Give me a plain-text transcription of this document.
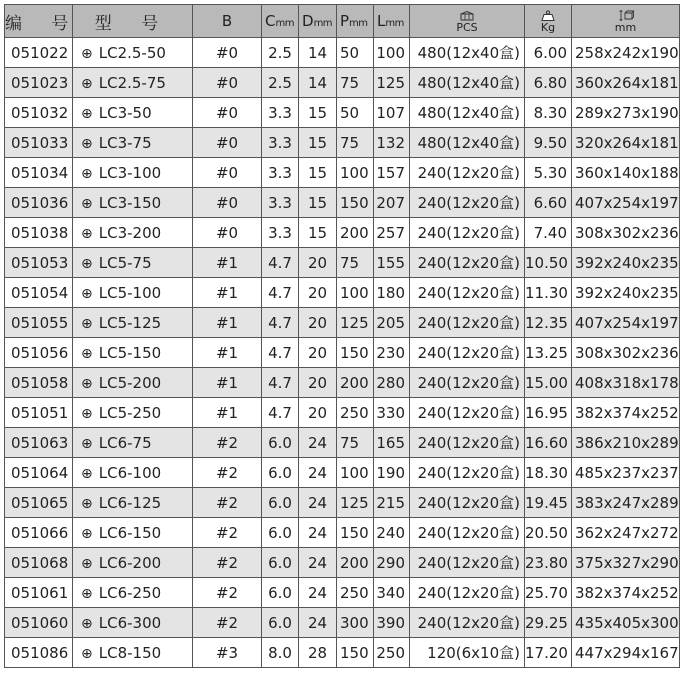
编 号	型 号	B	Cmm	Dmm	Pmm	Lmm	PCS	Kg	mm

051022	⊕ LC2.5-50	#0	2.5	14	50	100	480(12x40盒)	6.00	258x242x190
051023	⊕ LC2.5-75	#0	2.5	14	75	125	480(12x40盒)	6.80	360x264x181
051032	⊕ LC3-50	#0	3.3	15	50	107	480(12x40盒)	8.30	289x273x190
051033	⊕ LC3-75	#0	3.3	15	75	132	480(12x40盒)	9.50	320x264x181
051034	⊕ LC3-100	#0	3.3	15	100	157	240(12x20盒)	5.30	360x140x188
051036	⊕ LC3-150	#0	3.3	15	150	207	240(12x20盒)	6.60	407x254x197
051038	⊕ LC3-200	#0	3.3	15	200	257	240(12x20盒)	7.40	308x302x236
051053	⊕ LC5-75	#1	4.7	20	75	155	240(12x20盒)	10.50	392x240x235
051054	⊕ LC5-100	#1	4.7	20	100	180	240(12x20盒)	11.30	392x240x235
051055	⊕ LC5-125	#1	4.7	20	125	205	240(12x20盒)	12.35	407x254x197
051056	⊕ LC5-150	#1	4.7	20	150	230	240(12x20盒)	13.25	308x302x236
051058	⊕ LC5-200	#1	4.7	20	200	280	240(12x20盒)	15.00	408x318x178
051051	⊕ LC5-250	#1	4.7	20	250	330	240(12x20盒)	16.95	382x374x252
051063	⊕ LC6-75	#2	6.0	24	75	165	240(12x20盒)	16.60	386x210x289
051064	⊕ LC6-100	#2	6.0	24	100	190	240(12x20盒)	18.30	485x237x237
051065	⊕ LC6-125	#2	6.0	24	125	215	240(12x20盒)	19.45	383x247x289
051066	⊕ LC6-150	#2	6.0	24	150	240	240(12x20盒)	20.50	362x247x272
051068	⊕ LC6-200	#2	6.0	24	200	290	240(12x20盒)	23.80	375x327x290
051061	⊕ LC6-250	#2	6.0	24	250	340	240(12x20盒)	25.70	382x374x252
051060	⊕ LC6-300	#2	6.0	24	300	390	240(12x20盒)	29.25	435x405x300
051086	⊕ LC8-150	#3	8.0	28	150	250	120(6x10盒)	17.20	447x294x167
